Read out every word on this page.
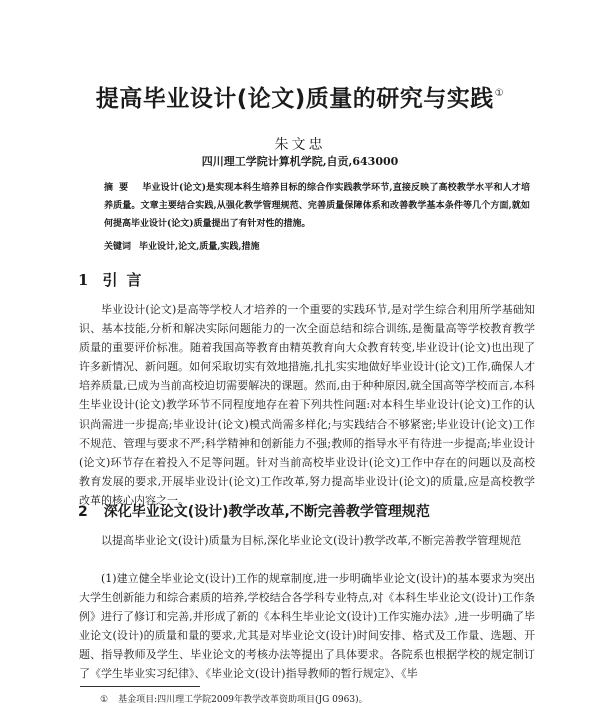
提高毕业设计(论文)质量的研究与实践①
朱文忠
四川理工学院计算机学院,自贡,643000
摘要 毕业设计(论文)是实现本科生培养目标的综合作实践教学环节,直接反映了高校教学水平和人才培养质量。文章主要结合实践,从强化教学管理规范、完善质量保障体系和改善教学基本条件等几个方面,就如何提高毕业设计(论文)质量提出了有针对性的措施。
关键词 毕业设计,论文,质量,实践,措施
1 引言
毕业设计(论文)是高等学校人才培养的一个重要的实践环节,是对学生综合利用所学基础知识、基本技能,分析和解决实际问题能力的一次全面总结和综合训练,是衡量高等学校教育教学质量的重要评价标准。随着我国高等教育由精英教育向大众教育转变,毕业设计(论文)也出现了许多新情况、新问题。如何采取切实有效地措施,扎扎实实地做好毕业设计(论文)工作,确保人才培养质量,已成为当前高校迫切需要解决的课题。然而,由于种种原因,就全国高等学校而言,本科生毕业设计(论文)教学环节不同程度地存在着下列共性问题:对本科生毕业设计(论文)工作的认识尚需进一步提高;毕业设计(论文)模式尚需多样化;与实践结合不够紧密;毕业设计(论文)工作不规范、管理与要求不严;科学精神和创新能力不强;教师的指导水平有待进一步提高;毕业设计(论文)环节存在着投入不足等问题。针对当前高校毕业设计(论文)工作中存在的问题以及高校教育发展的要求,开展毕业设计(论文)工作改革,努力提高毕业设计(论文)的质量,应是高校教学改革的核心内容之一。
2 深化毕业论文(设计)教学改革,不断完善教学管理规范
以提高毕业论文(设计)质量为目标,深化毕业论文(设计)教学改革,不断完善教学管理规范
(1)建立健全毕业论文(设计)工作的规章制度,进一步明确毕业论文(设计)的基本要求为突出大学生创新能力和综合素质的培养,学校结合各学科专业特点,对《本科生毕业论文(设计)工作条例》进行了修订和完善,并形成了新的《本科生毕业论文(设计)工作实施办法》,进一步明确了毕业论文(设计)的质量和量的要求,尤其是对毕业论文(设计)时间安排、格式及工作量、选题、开题、指导教师及学生、毕业论文的考核办法等提出了具体要求。各院系也根据学校的规定制订了《学生毕业实习纪律》、《毕业论文(设计)指导教师的暂行规定》、《毕
① 基金项目:四川理工学院2009年教学改革资助项目(JG 0963)。
